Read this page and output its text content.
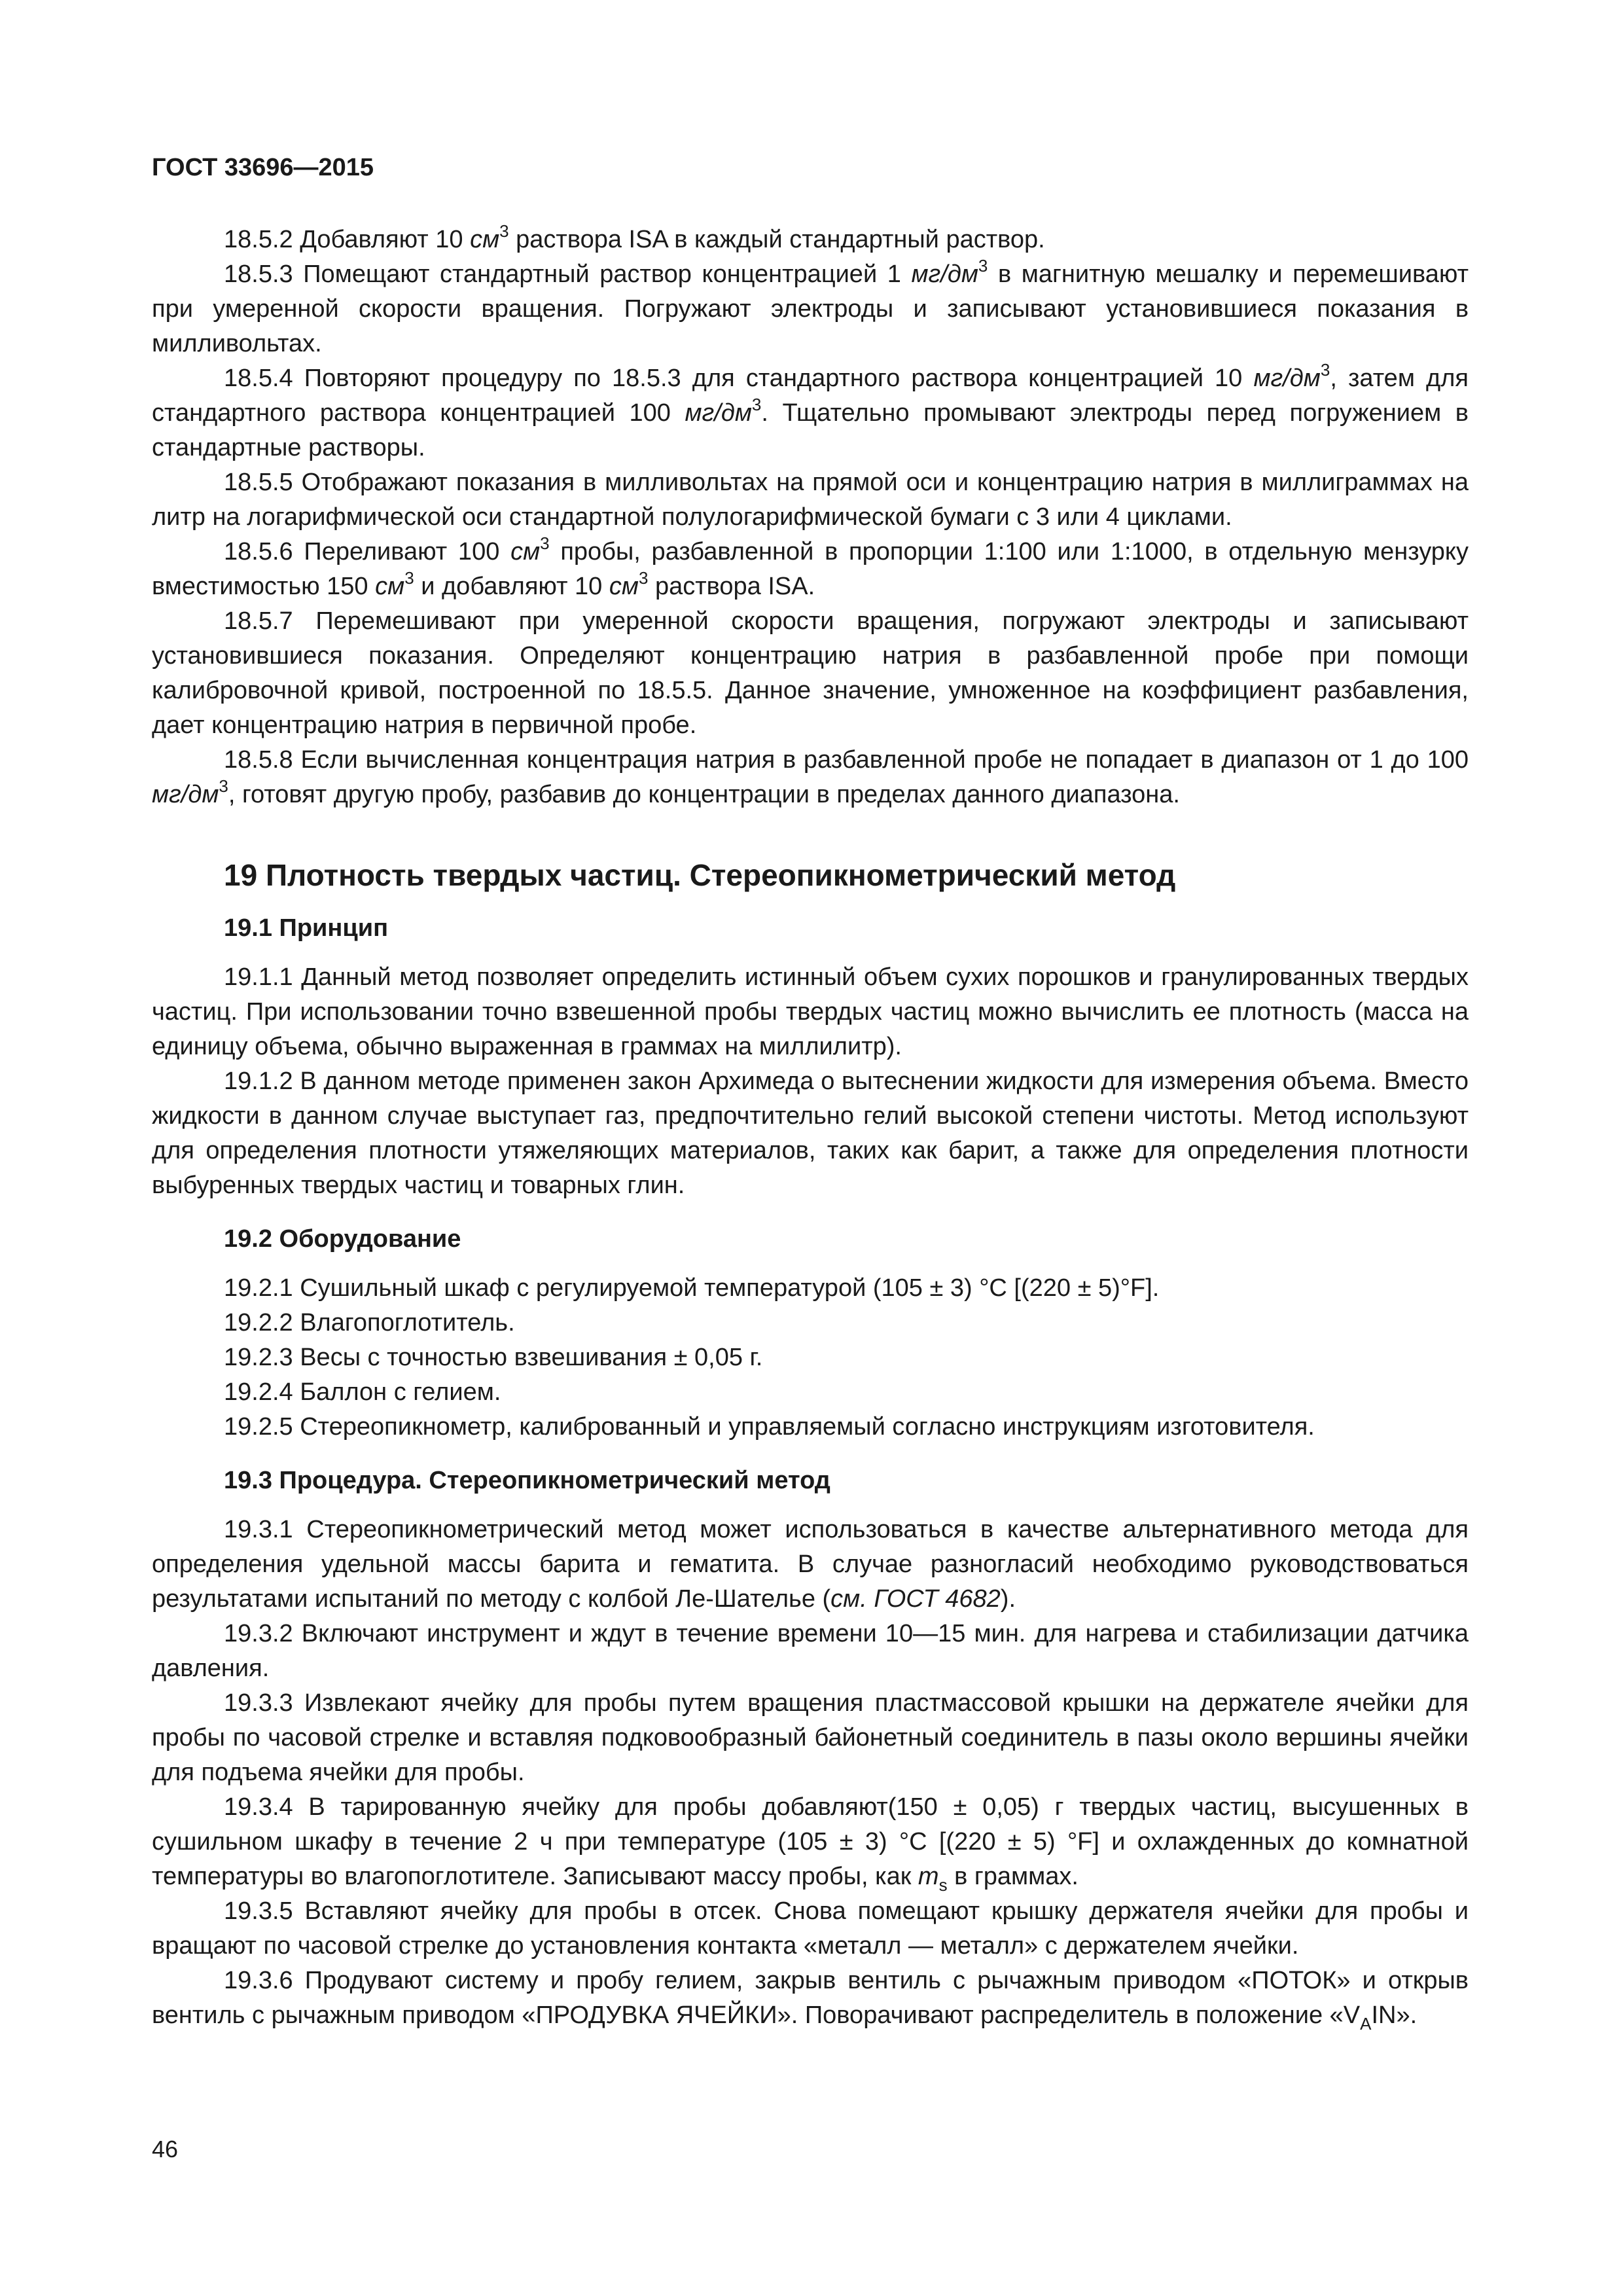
ГОСТ 33696—2015

18.5.2 Добавляют 10 $см^3$ раствора ISA в каждый стандартный раствор.

18.5.3 Помещают стандартный раствор концентрацией 1 $мг/дм^3$ в магнитную мешалку и перемешивают при умеренной скорости вращения. Погружают электроды и записывают установившиеся показания в милливольтах.

18.5.4 Повторяют процедуру по 18.5.3 для стандартного раствора концентрацией 10 $мг/дм^3$, затем для стандартного раствора концентрацией 100 $мг/дм^3$. Тщательно промывают электроды перед погружением в стандартные растворы.

18.5.5 Отображают показания в милливольтах на прямой оси и концентрацию натрия в миллиграммах на литр на логарифмической оси стандартной полулогарифмической бумаги с 3 или 4 циклами.

18.5.6 Переливают 100 $см^3$ пробы, разбавленной в пропорции 1:100 или 1:1000, в отдельную мензурку вместимостью 150 $см^3$ и добавляют 10 $см^3$ раствора ISA.

18.5.7 Перемешивают при умеренной скорости вращения, погружают электроды и записывают установившиеся показания. Определяют концентрацию натрия в разбавленной пробе при помощи калибровочной кривой, построенной по 18.5.5. Данное значение, умноженное на коэффициент разбавления, дает концентрацию натрия в первичной пробе.

18.5.8 Если вычисленная концентрация натрия в разбавленной пробе не попадает в диапазон от 1 до 100 $мг/дм^3$, готовят другую пробу, разбавив до концентрации в пределах данного диапазона.

19 Плотность твердых частиц. Стереопикнометрический метод
19.1 Принцип

19.1.1 Данный метод позволяет определить истинный объем сухих порошков и гранулированных твердых частиц. При использовании точно взвешенной пробы твердых частиц можно вычислить ее плотность (масса на единицу объема, обычно выраженная в граммах на миллилитр).

19.1.2 В данном методе применен закон Архимеда о вытеснении жидкости для измерения объема. Вместо жидкости в данном случае выступает газ, предпочтительно гелий высокой степени чистоты. Метод используют для определения плотности утяжеляющих материалов, таких как барит, а также для определения плотности выбуренных твердых частиц и товарных глин.

19.2 Оборудование

19.2.1 Сушильный шкаф с регулируемой температурой (105 ± 3) °С [(220 ± 5)°F].

19.2.2 Влагопоглотитель.

19.2.3 Весы с точностью взвешивания ± 0,05 г.

19.2.4 Баллон с гелием.

19.2.5 Стереопикнометр, калиброванный и управляемый согласно инструкциям изготовителя.

19.3 Процедура. Стереопикнометрический метод

19.3.1 Стереопикнометрический метод может использоваться в качестве альтернативного метода для определения удельной массы барита и гематита. В случае разногласий необходимо руководствоваться результатами испытаний по методу с колбой Ле-Шателье (см. ГОСТ 4682).

19.3.2 Включают инструмент и ждут в течение времени 10—15 мин. для нагрева и стабилизации датчика давления.

19.3.3 Извлекают ячейку для пробы путем вращения пластмассовой крышки на держателе ячейки для пробы по часовой стрелке и вставляя подковообразный байонетный соединитель в пазы около вершины ячейки для подъема ячейки для пробы.

19.3.4 В тарированную ячейку для пробы добавляют(150 ± 0,05) г твердых частиц, высушенных в сушильном шкафу в течение 2 ч при температуре (105 ± 3) °С [(220 ± 5) °F] и охлажденных до комнатной температуры во влагопоглотителе. Записывают массу пробы, как $m_s$ в граммах.

19.3.5 Вставляют ячейку для пробы в отсек. Снова помещают крышку держателя ячейки для пробы и вращают по часовой стрелке до установления контакта «металл — металл» с держателем ячейки.

19.3.6 Продувают систему и пробу гелием, закрыв вентиль с рычажным приводом «ПОТОК» и открыв вентиль с рычажным приводом «ПРОДУВКА ЯЧЕЙКИ». Поворачивают распределитель в положение «$V_AIN$».

46
